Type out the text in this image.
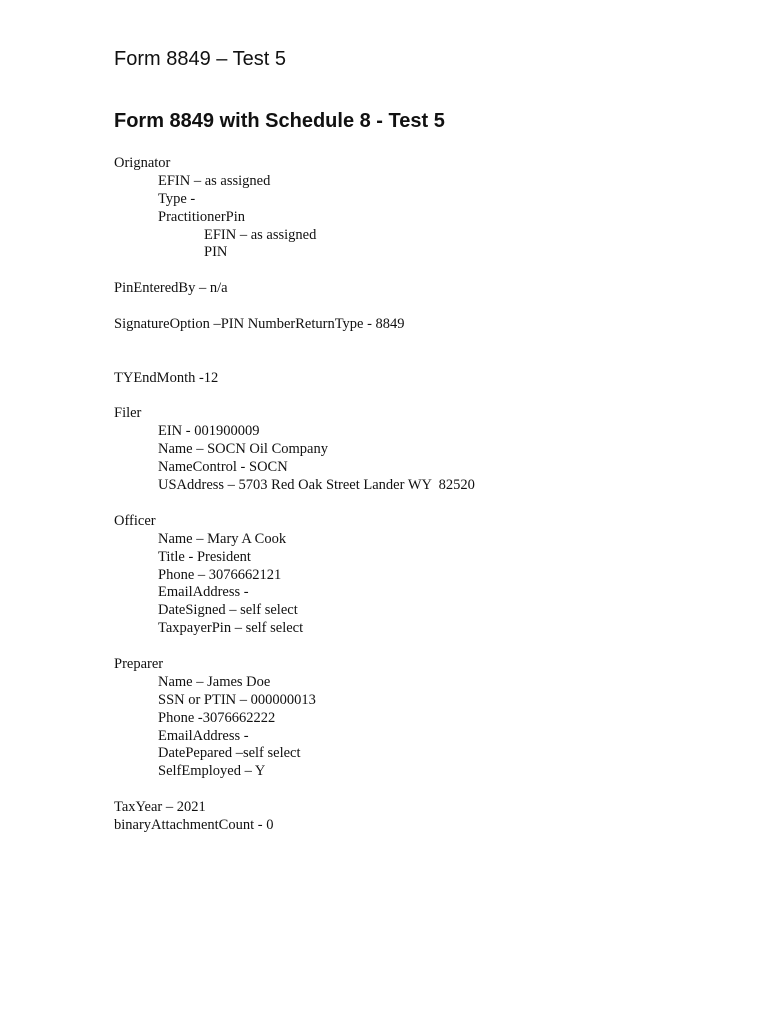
Form 8849 – Test 5
Form 8849 with Schedule 8 - Test 5
Orignator
EFIN – as assigned
Type -
PractitionerPin
EFIN – as assigned
PIN
PinEnteredBy – n/a
SignatureOption –PIN NumberReturnType - 8849
TYEndMonth -12
Filer
EIN - 001900009
Name – SOCN Oil Company
NameControl - SOCN
USAddress – 5703 Red Oak Street Lander WY  82520
Officer
Name – Mary A Cook
Title - President
Phone – 3076662121
EmailAddress -
DateSigned – self select
TaxpayerPin – self select
Preparer
Name – James Doe
SSN or PTIN – 000000013
Phone -3076662222
EmailAddress -
DatePepared –self select
SelfEmployed – Y
TaxYear – 2021
binaryAttachmentCount - 0
